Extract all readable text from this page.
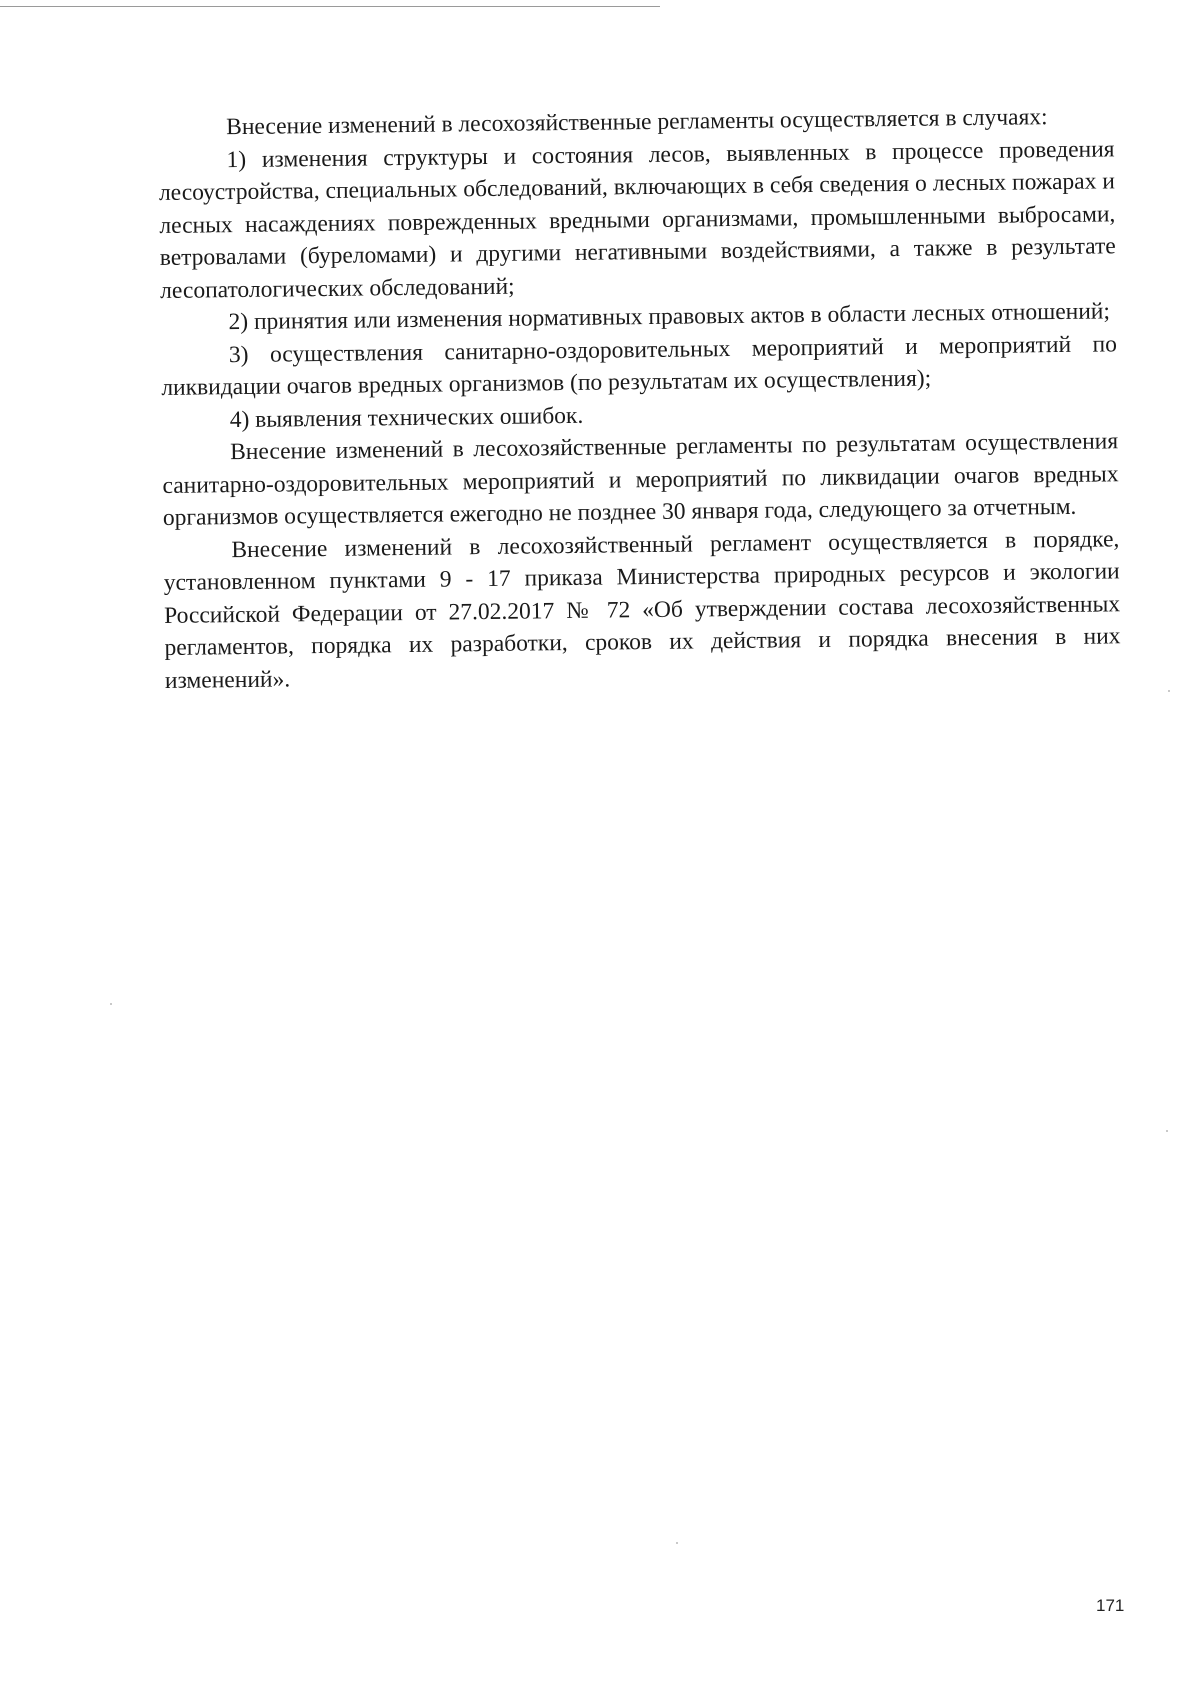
Внесение изменений в лесохозяйственные регламенты осуществляется в случаях:

1) изменения структуры и состояния лесов, выявленных в процессе проведения лесоустройства, специальных обследований, включающих в себя сведения о лесных пожарах и лесных насаждениях поврежденных вредными организмами, промышленными выбросами, ветровалами (буреломами) и другими негативными воздействиями, а также в результате лесопатологических обследований;

2) принятия или изменения нормативных правовых актов в области лесных отношений;

3) осуществления санитарно-оздоровительных мероприятий и мероприятий по ликвидации очагов вредных организмов (по результатам их осуществления);

4) выявления технических ошибок.

Внесение изменений в лесохозяйственные регламенты по результатам осуществления санитарно-оздоровительных мероприятий и мероприятий по ликвидации очагов вредных организмов осуществляется ежегодно не позднее 30 января года, следующего за отчетным.

Внесение изменений в лесохозяйственный регламент осуществляется в порядке, установленном пунктами 9 - 17 приказа Министерства природных ресурсов и экологии Российской Федерации от 27.02.2017 № 72 «Об утверждении состава лесохозяйственных регламентов, порядка их разработки, сроков их действия и порядка внесения в них изменений».

171
